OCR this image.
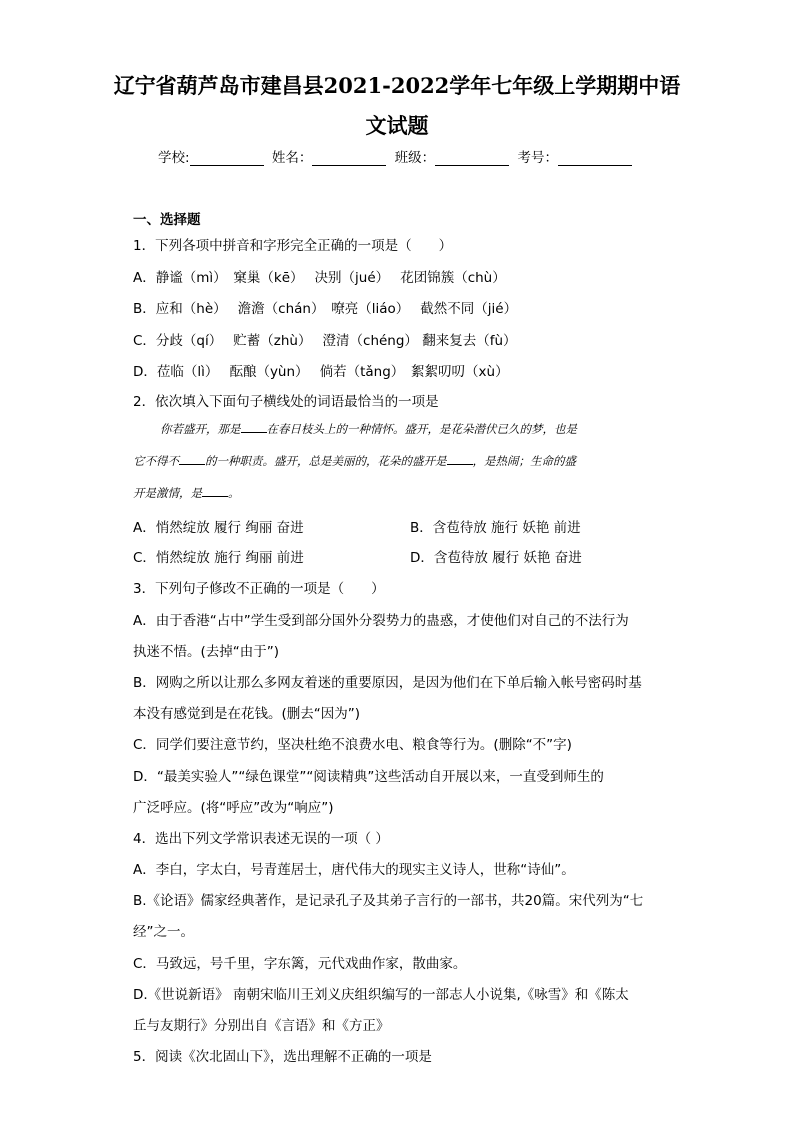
辽宁省葫芦岛市建昌县2021-2022学年七年级上学期期中语
文试题
学校:	姓名：	班级：	考号：
一、选择题
1．下列各项中拼音和字形完全正确的一项是（　　）
A．静谧（mì）　窠巢（kē）　 决别（jué）　 花团锦簇（chù）
B．应和（hè）　 澹澹（chán）　嘹亮（liáo）　 截然不同（jié）
C．分歧（qí）　 贮蓄（zhù）　 澄清（chéng） 翻来复去（fù）
D．莅临（lì）　 酝酿（yùn）　 倘若（tǎng）　絮絮叨叨（xù）
2．依次填入下面句子横线处的词语最恰当的一项是
你若盛开，那是 在春日枝头上的一种情怀。盛开，是花朵潜伏已久的梦，也是
它不得不 的一种职责。盛开，总是美丽的，花朵的盛开是 ，是热闹；生命的盛
开是激情，是 。
A．悄然绽放 履行 绚丽 奋进	B．含苞待放 施行 妖艳 前进
C．悄然绽放 施行 绚丽 前进	D．含苞待放 履行 妖艳 奋进
3．下列句子修改不正确的一项是（　　）
A．由于香港“占中”学生受到部分国外分裂势力的蛊惑，才使他们对自己的不法行为
执迷不悟。(去掉“由于”)
B．网购之所以让那么多网友着迷的重要原因，是因为他们在下单后输入帐号密码时基
本没有感觉到是在花钱。(删去“因为”)
C．同学们要注意节约，坚决杜绝不浪费水电、粮食等行为。(删除“不”字)
D．“最美实验人”“绿色课堂”“阅读精典”这些活动自开展以来，一直受到师生的
广泛呼应。(将“呼应”改为“响应”)
4．选出下列文学常识表述无误的一项（ ）
A．李白，字太白，号青莲居士，唐代伟大的现实主义诗人，世称“诗仙”。
B.《论语》儒家经典著作，是记录孔子及其弟子言行的一部书，共20篇。宋代列为“七
经”之一。
C．马致远，号千里，字东篱，元代戏曲作家，散曲家。
D.《世说新语》 南朝宋临川王刘义庆组织编写的一部志人小说集,《咏雪》和《陈太
丘与友期行》分别出自《言语》和《方正》
5．阅读《次北固山下》，选出理解不正确的一项是
